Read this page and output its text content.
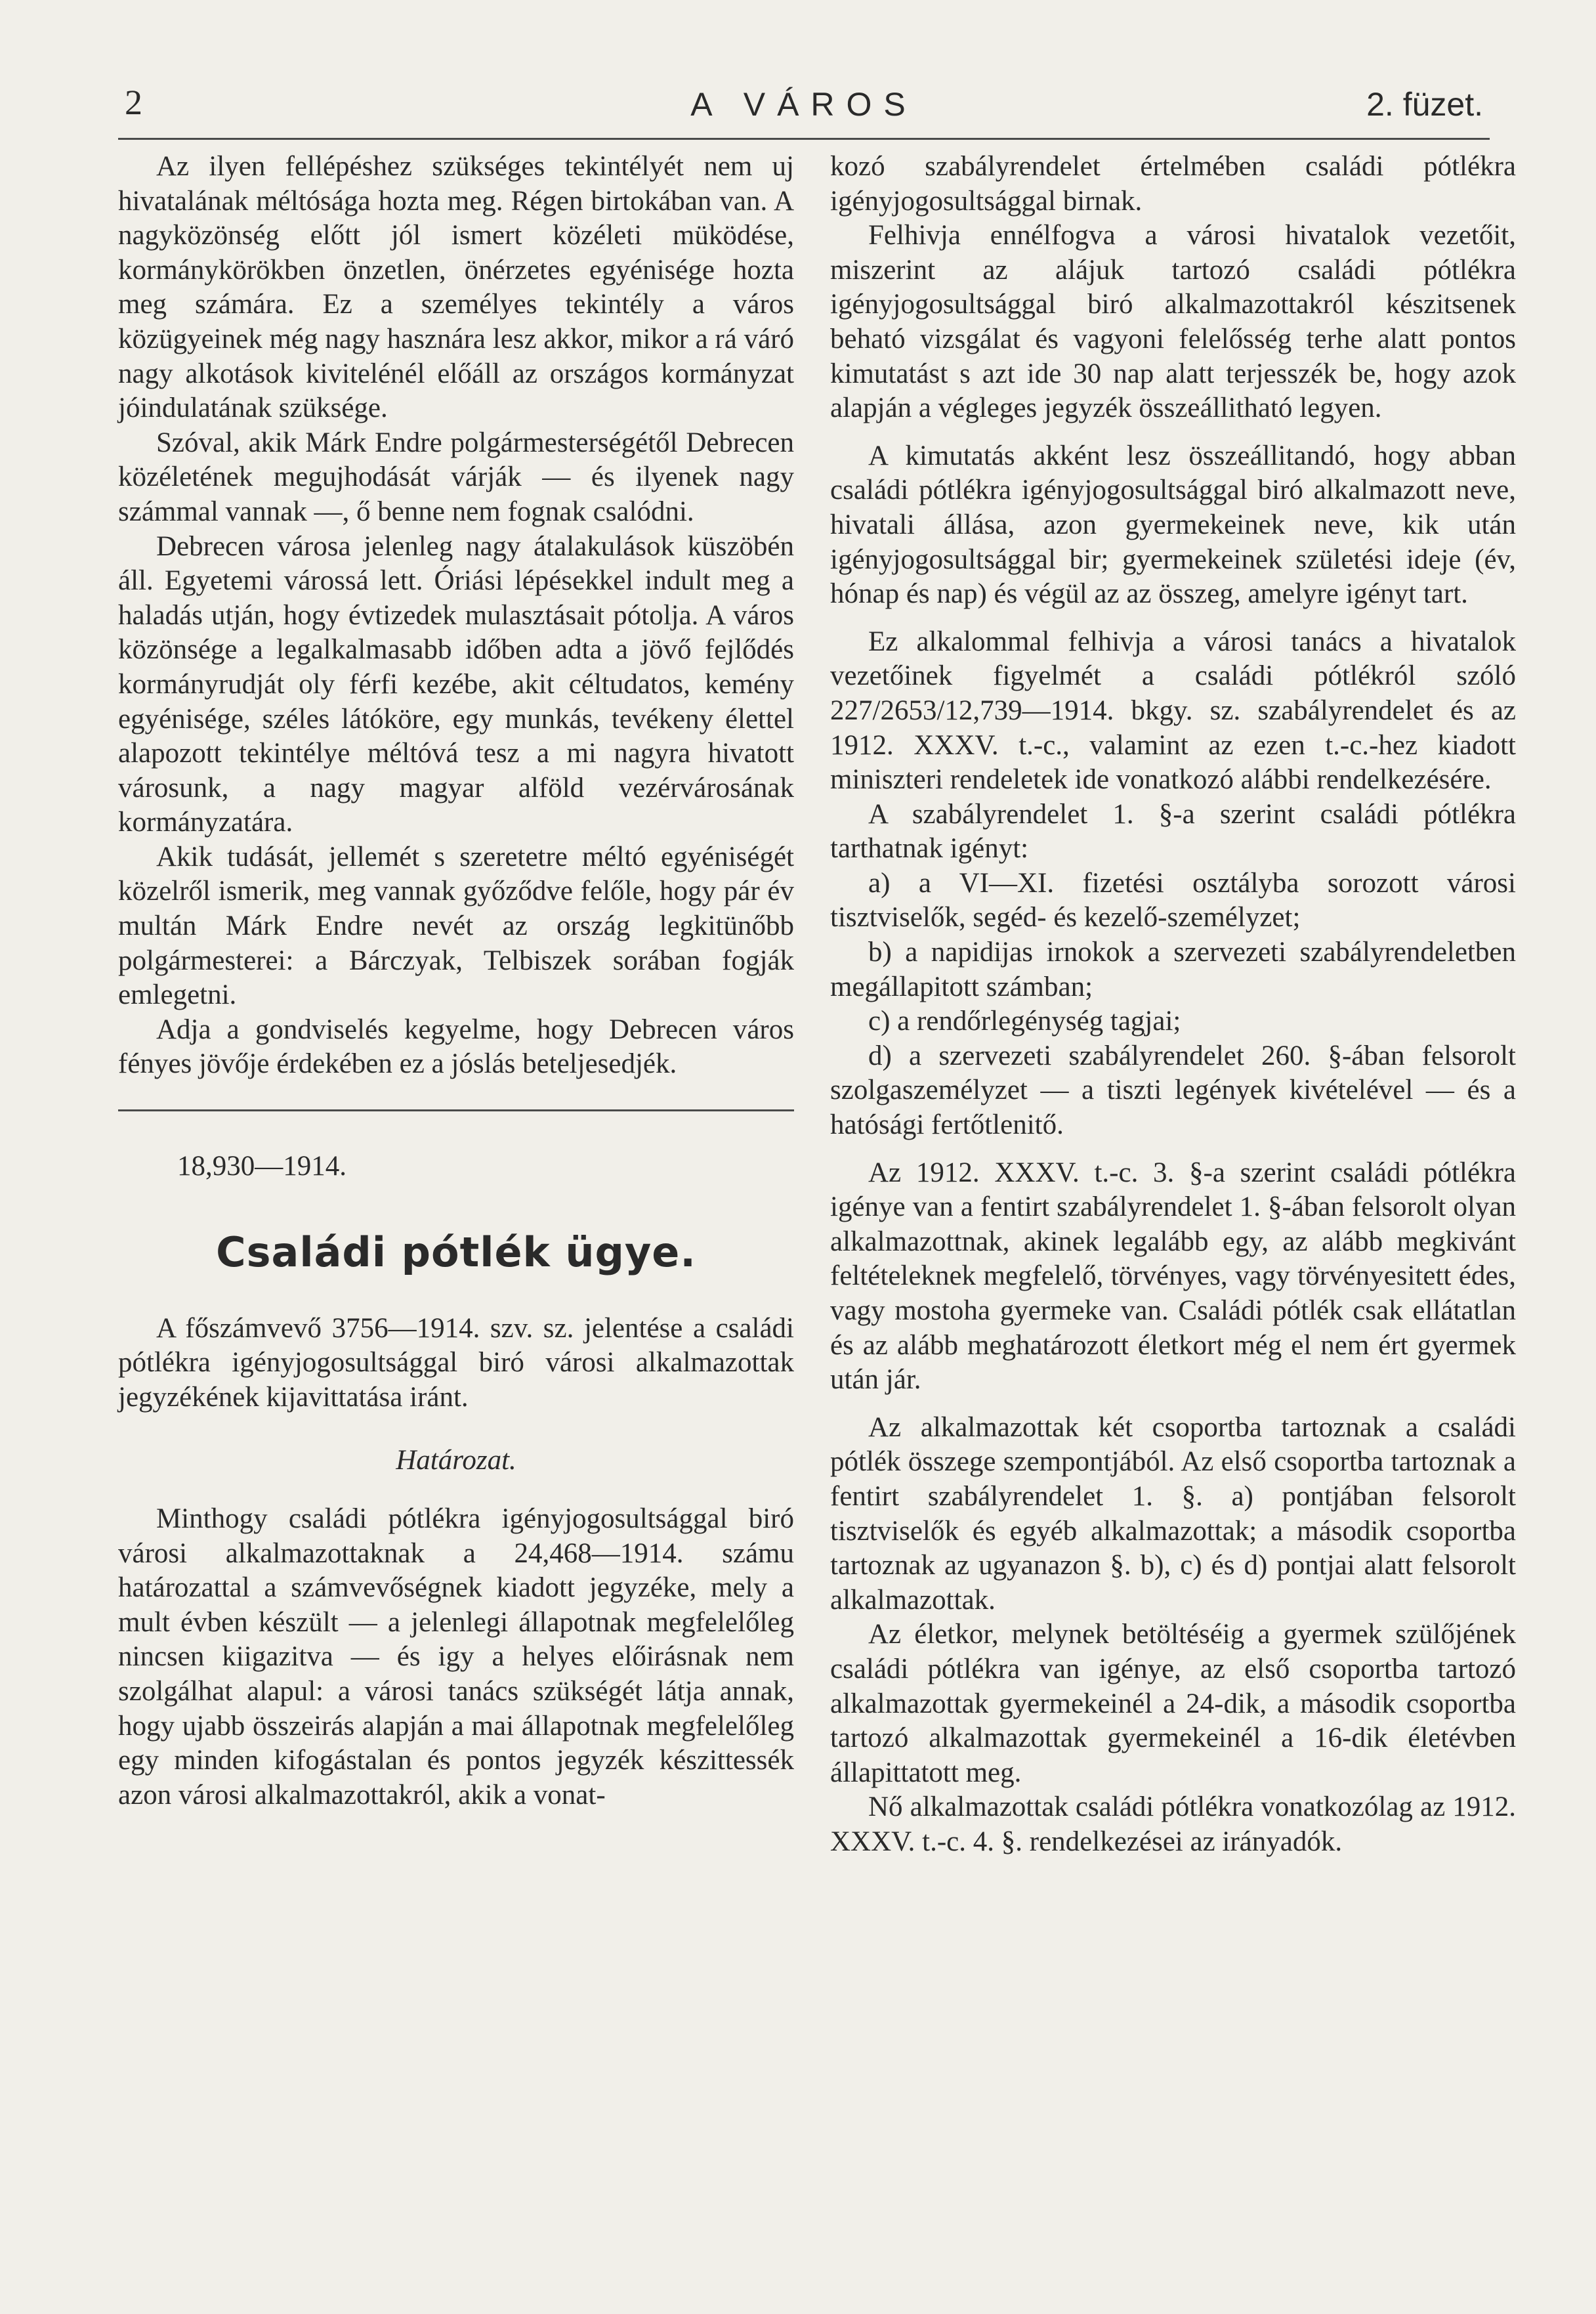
2	A VÁROS	2. füzet.

Az ilyen fellépéshez szükséges tekintélyét nem uj hivatalának méltósága hozta meg. Régen birtokában van. A nagyközönség előtt jól ismert közéleti müködése, kormánykörökben önzetlen, önérzetes egyénisége hozta meg számára. Ez a személyes tekintély a város közügyeinek még nagy hasznára lesz akkor, mikor a rá váró nagy alkotások kivitelénél előáll az országos kormányzat jóindulatának szüksége.

Szóval, akik Márk Endre polgármesterségétől Debrecen közéletének megujhodását várják — és ilyenek nagy számmal vannak —, ő benne nem fognak csalódni.

Debrecen városa jelenleg nagy átalakulások küszöbén áll. Egyetemi várossá lett. Óriási lépésekkel indult meg a haladás utján, hogy évtizedek mulasztásait pótolja. A város közönsége a legalkalmasabb időben adta a jövő fejlődés kormányrudját oly férfi kezébe, akit céltudatos, kemény egyénisége, széles látóköre, egy munkás, tevékeny élettel alapozott tekintélye méltóvá tesz a mi nagyra hivatott városunk, a nagy magyar alföld vezérvárosának kormányzatára.

Akik tudását, jellemét s szeretetre méltó egyéniségét közelről ismerik, meg vannak győződve felőle, hogy pár év multán Márk Endre nevét az ország legkitünőbb polgármesterei: a Bárczyak, Telbiszek sorában fogják emlegetni.

Adja a gondviselés kegyelme, hogy Debrecen város fényes jövője érdekében ez a jóslás beteljesedjék.

18,930—1914.
Családi pótlék ügye.

A főszámvevő 3756—1914. szv. sz. jelentése a családi pótlékra igényjogosultsággal biró városi alkalmazottak jegyzékének kijavittatása iránt.

Határozat.

Minthogy családi pótlékra igényjogosultsággal biró városi alkalmazottaknak a 24,468—1914. számu határozattal a számvevőségnek kiadott jegyzéke, mely a mult évben készült — a jelenlegi állapotnak megfelelőleg nincsen kiigazitva — és igy a helyes előirásnak nem szolgálhat alapul: a városi tanács szükségét látja annak, hogy ujabb összeirás alapján a mai állapotnak megfelelőleg egy minden kifogástalan és pontos jegyzék készittessék azon városi alkalmazottakról, akik a vonat-

kozó szabályrendelet értelmében családi pótlékra igényjogosultsággal birnak.

Felhivja ennélfogva a városi hivatalok vezetőit, miszerint az alájuk tartozó családi pótlékra igényjogosultsággal biró alkalmazottakról készitsenek beható vizsgálat és vagyoni felelősség terhe alatt pontos kimutatást s azt ide 30 nap alatt terjesszék be, hogy azok alapján a végleges jegyzék összeállitható legyen.

A kimutatás akként lesz összeállitandó, hogy abban családi pótlékra igényjogosultsággal biró alkalmazott neve, hivatali állása, azon gyermekeinek neve, kik után igényjogosultsággal bir; gyermekeinek születési ideje (év, hónap és nap) és végül az az összeg, amelyre igényt tart.

Ez alkalommal felhivja a városi tanács a hivatalok vezetőinek figyelmét a családi pótlékról szóló 227/2653/12,739—1914. bkgy. sz. szabályrendelet és az 1912. XXXV. t.-c., valamint az ezen t.-c.-hez kiadott miniszteri rendeletek ide vonatkozó alábbi rendelkezésére.

A szabályrendelet 1. §-a szerint családi pótlékra tarthatnak igényt:

a) a VI—XI. fizetési osztályba sorozott városi tisztviselők, segéd- és kezelő-személyzet;

b) a napidijas irnokok a szervezeti szabályrendeletben megállapitott számban;

c) a rendőrlegénység tagjai;

d) a szervezeti szabályrendelet 260. §-ában felsorolt szolgaszemélyzet — a tiszti legények kivételével — és a hatósági fertőtlenitő.

Az 1912. XXXV. t.-c. 3. §-a szerint családi pótlékra igénye van a fentirt szabályrendelet 1. §-ában felsorolt olyan alkalmazottnak, akinek legalább egy, az alább megkivánt feltételeknek megfelelő, törvényes, vagy törvényesitett édes, vagy mostoha gyermeke van. Családi pótlék csak ellátatlan és az alább meghatározott életkort még el nem ért gyermek után jár.

Az alkalmazottak két csoportba tartoznak a családi pótlék összege szempontjából. Az első csoportba tartoznak a fentirt szabályrendelet 1. §. a) pontjában felsorolt tisztviselők és egyéb alkalmazottak; a második csoportba tartoznak az ugyanazon §. b), c) és d) pontjai alatt felsorolt alkalmazottak.

Az életkor, melynek betöltéséig a gyermek szülőjének családi pótlékra van igénye, az első csoportba tartozó alkalmazottak gyermekeinél a 24-dik, a második csoportba tartozó alkalmazottak gyermekeinél a 16-dik életévben állapittatott meg.

Nő alkalmazottak családi pótlékra vonatkozólag az 1912. XXXV. t.-c. 4. §. rendelkezései az irányadók.
